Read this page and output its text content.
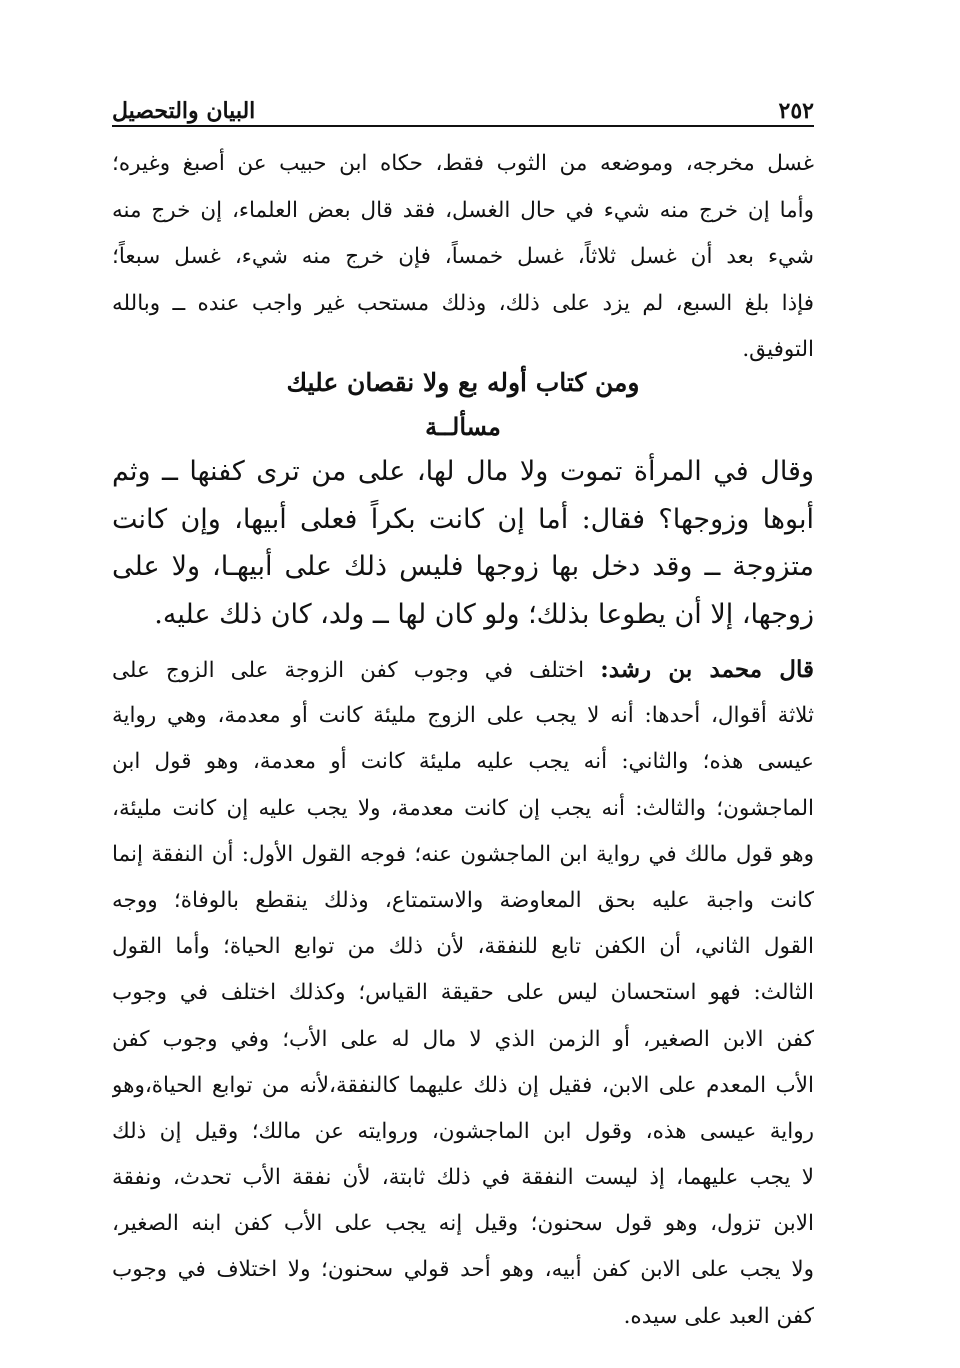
٢٥٢
البيان والتحصيل
غسل مخرجه، وموضعه من الثوب فقط، حكاه ابن حبيب عن أصبغ وغيره؛
وأما إن خرج منه شيء في حال الغسل، فقد قال بعض العلماء، إن خرج منه
شيء بعد أن غسل ثلاثاً، غسل خمساً، فإن خرج منه شيء، غسل سبعاً؛
فإذا بلغ السبع، لم يزد على ذلك، وذلك مستحب غير واجب عنده ــ وبالله
التوفيق.
ومن كتاب أوله بع ولا نقصان عليك
مسألــة
وقال في المرأة تموت ولا مال لها، على من ترى كفنها ــ وثم
أبوها وزوجها؟ فقال: أما إن كانت بكراً فعلى أبيها، وإن كانت
متزوجة ــ وقد دخل بها زوجها فليس ذلك على أبيهـا، ولا على
زوجها، إلا أن يطوعا بذلك؛ ولو كان لها ــ ولد، كان ذلك عليه.
قال محمد بن رشد: اختلف في وجوب كفن الزوجة على الزوج على
ثلاثة أقوال، أحدها: أنه لا يجب على الزوج مليئة كانت أو معدمة، وهي رواية
عيسى هذه؛ والثاني: أنه يجب عليه مليئة كانت أو معدمة، وهو قول ابن
الماجشون؛ والثالث: أنه يجب إن كانت معدمة، ولا يجب عليه إن كانت مليئة،
وهو قول مالك في رواية ابن الماجشون عنه؛ فوجه القول الأول: أن النفقة إنما
كانت واجبة عليه بحق المعاوضة والاستمتاع، وذلك ينقطع بالوفاة؛ ووجه
القول الثاني، أن الكفن تابع للنفقة، لأن ذلك من توابع الحياة؛ وأما القول
الثالث: فهو استحسان ليس على حقيقة القياس؛ وكذلك اختلف في وجوب
كفن الابن الصغير، أو الزمن الذي لا مال له على الأب؛ وفي وجوب كفن
الأب المعدم على الابن، فقيل إن ذلك عليهما كالنفقة،لأنه من توابع الحياة،وهو
رواية عيسى هذه، وقول ابن الماجشون، وروايته عن مالك؛ وقيل إن ذلك
لا يجب عليهما، إذ ليست النفقة في ذلك ثابتة، لأن نفقة الأب تحدث، ونفقة
الابن تزول، وهو قول سحنون؛ وقيل إنه يجب على الأب كفن ابنه الصغير،
ولا يجب على الابن كفن أبيه، وهو أحد قولي سحنون؛ ولا اختلاف في وجوب
كفن العبد على سيده.
